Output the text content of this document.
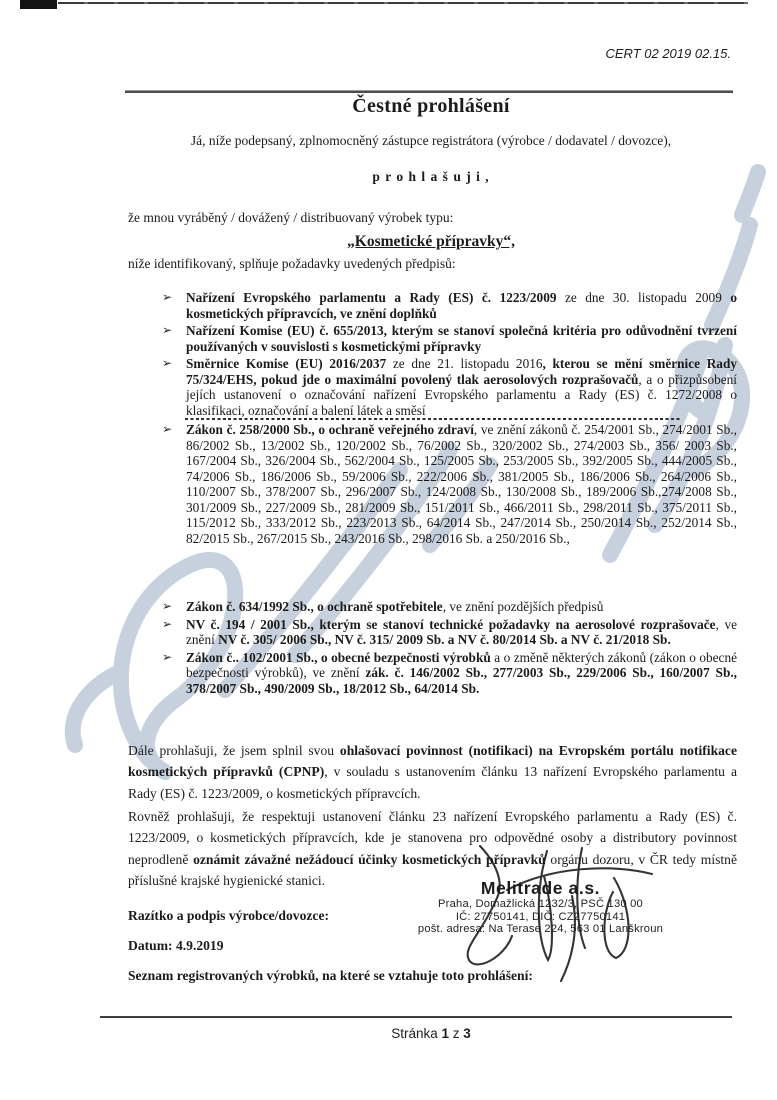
CERT 02 2019 02.15.
Čestné prohlášení
Já, níže podepsaný, zplnomocněný zástupce registrátora (výrobce / dodavatel / dovozce),
p r o h l a š u j i ,
že mnou vyráběný / dovážený / distribuovaný výrobek typu:
„Kosmetické přípravky“,
níže identifikovaný, splňuje požadavky uvedených předpisů:
➢ Nařízení Evropského parlamentu a Rady (ES) č. 1223/2009 ze dne 30. listopadu 2009 o kosmetických přípravcích, ve znění doplňků
➢ Nařízení Komise (EU) č. 655/2013, kterým se stanoví společná kritéria pro odůvodnění tvrzení používaných v souvislosti s kosmetickými přípravky
➢ Směrnice Komise (EU) 2016/2037 ze dne 21. listopadu 2016, kterou se mění směrnice Rady 75/324/EHS, pokud jde o maximální povolený tlak aerosolových rozprašovačů, a o přizpůsobení jejích ustanovení o označování nařízení Evropského parlamentu a Rady (ES) č. 1272/2008 o klasifikaci, označování a balení látek a směsí
➢ Zákon č. 258/2000 Sb., o ochraně veřejného zdraví, ve znění zákonů č. 254/2001 Sb., 274/2001 Sb., 86/2002 Sb., 13/2002 Sb., 120/2002 Sb., 76/2002 Sb., 320/2002 Sb., 274/2003 Sb., 356/ 2003 Sb., 167/2004 Sb., 326/2004 Sb., 562/2004 Sb., 125/2005 Sb., 253/2005 Sb., 392/2005 Sb., 444/2005 Sb., 74/2006 Sb., 186/2006 Sb., 59/2006 Sb., 222/2006 Sb., 381/2005 Sb., 186/2006 Sb., 264/2006 Sb., 110/2007 Sb., 378/2007 Sb., 296/2007 Sb., 124/2008 Sb., 130/2008 Sb., 189/2006 Sb.,274/2008 Sb., 301/2009 Sb., 227/2009 Sb., 281/2009 Sb., 151/2011 Sb., 466/2011 Sb., 298/2011 Sb., 375/2011 Sb., 115/2012 Sb., 333/2012 Sb., 223/2013 Sb., 64/2014 Sb., 247/2014 Sb., 250/2014 Sb., 252/2014 Sb., 82/2015 Sb., 267/2015 Sb., 243/2016 Sb., 298/2016 Sb. a 250/2016 Sb.,
➢ Zákon č. 634/1992 Sb., o ochraně spotřebitele, ve znění pozdějších předpisů
➢ NV č. 194 / 2001 Sb., kterým se stanoví technické požadavky na aerosolové rozprašovače, ve znění NV č. 305/ 2006 Sb., NV č. 315/ 2009 Sb. a NV č. 80/2014 Sb. a NV č. 21/2018 Sb.
➢ Zákon č.. 102/2001 Sb., o obecné bezpečnosti výrobků a o změně některých zákonů (zákon o obecné bezpečnosti výrobků), ve znění zák. č. 146/2002 Sb., 277/2003 Sb., 229/2006 Sb., 160/2007 Sb., 378/2007 Sb., 490/2009 Sb., 18/2012 Sb., 64/2014 Sb.
Dále prohlašuji, že jsem splnil svou ohlašovací povinnost (notifikaci) na Evropském portálu notifikace kosmetických přípravků (CPNP), v souladu s ustanovením článku 13 nařízení Evropského parlamentu a Rady (ES) č. 1223/2009, o kosmetických přípravcích.
Rovněž prohlašuji, že respektuji ustanovení článku 23 nařízení Evropského parlamentu a Rady (ES) č. 1223/2009, o kosmetických přípravcích, kde je stanovena pro odpovědné osoby a distributory povinnost neprodleně oznámit závažné nežádoucí účinky kosmetických přípravků orgánu dozoru, v ČR tedy místně příslušné krajské hygienické stanici.
Razítko a podpis výrobce/dovozce:
Datum: 4.9.2019
Seznam registrovaných výrobků, na které se vztahuje toto prohlášení:
Melitrade a.s.
Praha, Domažlická 1232/3, PSČ 130 00
IČ: 27750141, DIČ: CZ27750141
pošt. adresa: Na Terase 224, 563 01 Lanškroun
Stránka 1 z 3
